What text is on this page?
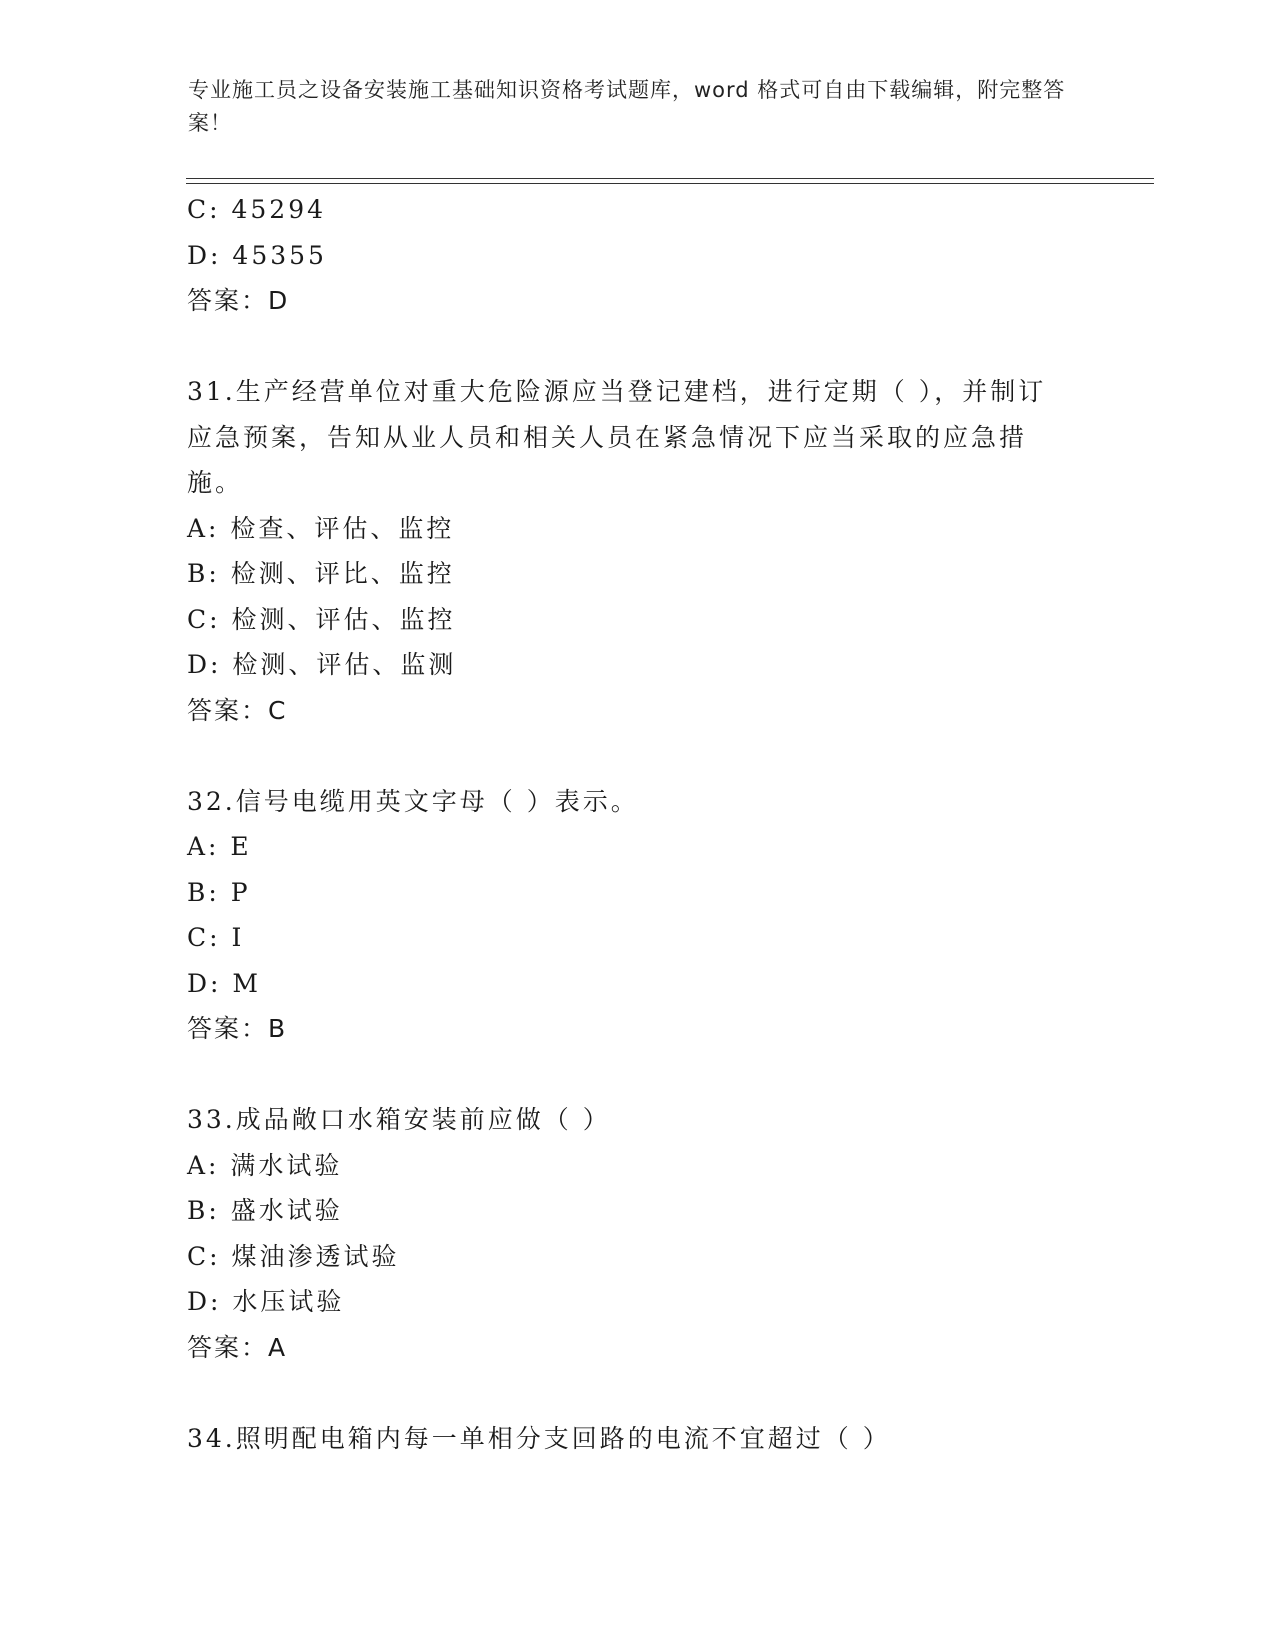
专业施工员之设备安装施工基础知识资格考试题库，word 格式可自由下载编辑，附完整答案！
C: 45294
D: 45355
答案：D
31.生产经营单位对重大危险源应当登记建档，进行定期（ ），并制订应急预案，告知从业人员和相关人员在紧急情况下应当采取的应急措施。
A: 检查、评估、监控
B: 检测、评比、监控
C: 检测、评估、监控
D: 检测、评估、监测
答案：C
32.信号电缆用英文字母（ ）表示。
A: E
B: P
C: I
D: M
答案：B
33.成品敞口水箱安装前应做（ ）
A: 满水试验
B: 盛水试验
C: 煤油渗透试验
D: 水压试验
答案：A
34.照明配电箱内每一单相分支回路的电流不宜超过（ ）
